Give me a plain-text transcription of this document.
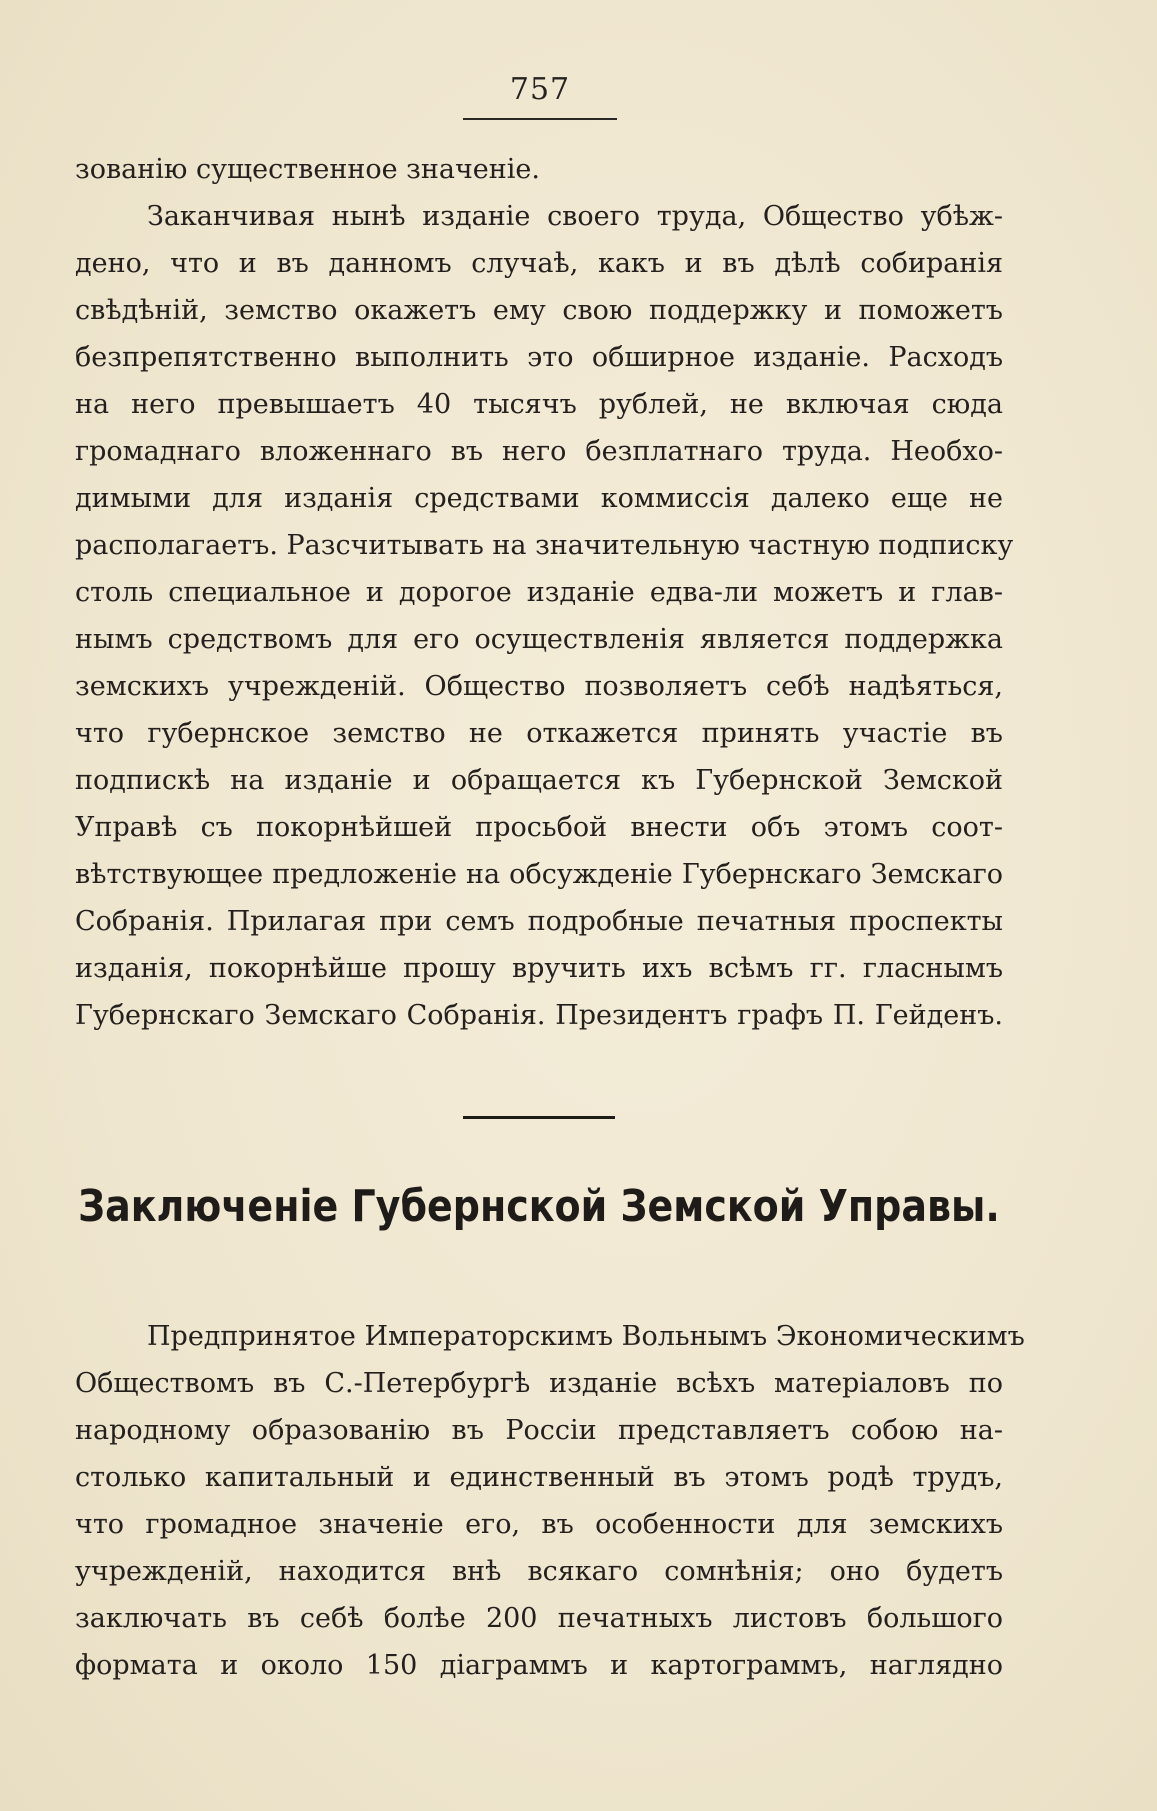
757
зованію существенное значеніе.
Заканчивая нынѣ изданіе своего труда, Общество убѣж-
дено, что и въ данномъ случаѣ, какъ и въ дѣлѣ собиранія
свѣдѣній, земство окажетъ ему свою поддержку и поможетъ
безпрепятственно выполнить это обширное изданіе. Расходъ
на него превышаетъ 40 тысячъ рублей, не включая сюда
громаднаго вложеннаго въ него безплатнаго труда. Необхо-
димыми для изданія средствами коммиссія далеко еще не
располагаетъ. Разсчитывать на значительную частную подписку
столь специальное и дорогое изданіе едва-ли можетъ и глав-
нымъ средствомъ для его осуществленія является поддержка
земскихъ учрежденій. Общество позволяетъ себѣ надѣяться,
что губернское земство не откажется принять участіе въ
подпискѣ на изданіе и обращается къ Губернской Земской
Управѣ съ покорнѣйшей просьбой внести объ этомъ соот-
вѣтствующее предложеніе на обсужденіе Губернскаго Земскаго
Собранія. Прилагая при семъ подробные печатныя проспекты
изданія, покорнѣйше прошу вручить ихъ всѣмъ гг. гласнымъ
Губернскаго Земскаго Собранія. Президентъ графъ П. Гейденъ.
Заключеніе Губернской Земской Управы.
Предпринятое Императорскимъ Вольнымъ Экономическимъ
Обществомъ въ С.-Петербургѣ изданіе всѣхъ матеріаловъ по
народному образованію въ Россіи представляетъ собою на-
столько капитальный и единственный въ этомъ родѣ трудъ,
что громадное значеніе его, въ особенности для земскихъ
учрежденій, находится внѣ всякаго сомнѣнія; оно будетъ
заключать въ себѣ болѣе 200 печатныхъ листовъ большого
формата и около 150 діаграммъ и картограммъ, наглядно
